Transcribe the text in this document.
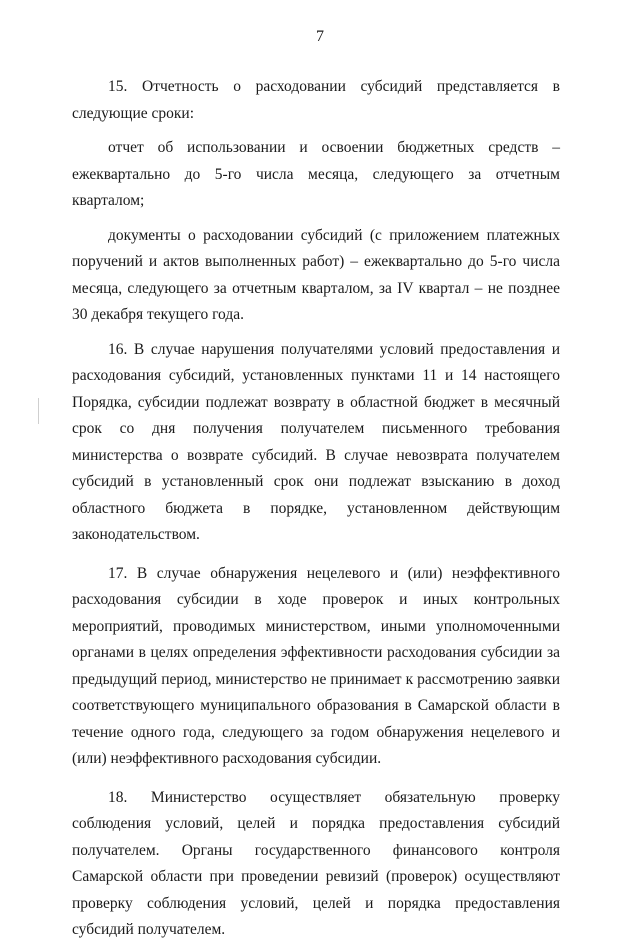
7

15. Отчетность о расходовании субсидий представляется в следующие сроки:

отчет об использовании и освоении бюджетных средств – ежеквартально до 5-го числа месяца, следующего за отчетным кварталом;

документы о расходовании субсидий (с приложением платежных поручений и актов выполненных работ) – ежеквартально до 5-го числа месяца, следующего за отчетным кварталом, за IV квартал – не позднее 30 декабря текущего года.

16. В случае нарушения получателями условий предоставления и расходования субсидий, установленных пунктами 11 и 14 настоящего Порядка, субсидии подлежат возврату в областной бюджет в месячный срок со дня получения получателем письменного требования министерства о возврате субсидий. В случае невозврата получателем субсидий в установленный срок они подлежат взысканию в доход областного бюджета в порядке, установленном действующим законодательством.

17. В случае обнаружения нецелевого и (или) неэффективного расходования субсидии в ходе проверок и иных контрольных мероприятий, проводимых министерством, иными уполномоченными органами в целях определения эффективности расходования субсидии за предыдущий период, министерство не принимает к рассмотрению заявки соответствующего муниципального образования в Самарской области в течение одного года, следующего за годом обнаружения нецелевого и (или) неэффективного расходования субсидии.

18. Министерство осуществляет обязательную проверку соблюдения условий, целей и порядка предоставления субсидий получателем. Органы государственного финансового контроля Самарской области при проведении ревизий (проверок) осуществляют проверку соблюдения условий, целей и порядка предоставления субсидий получателем.
